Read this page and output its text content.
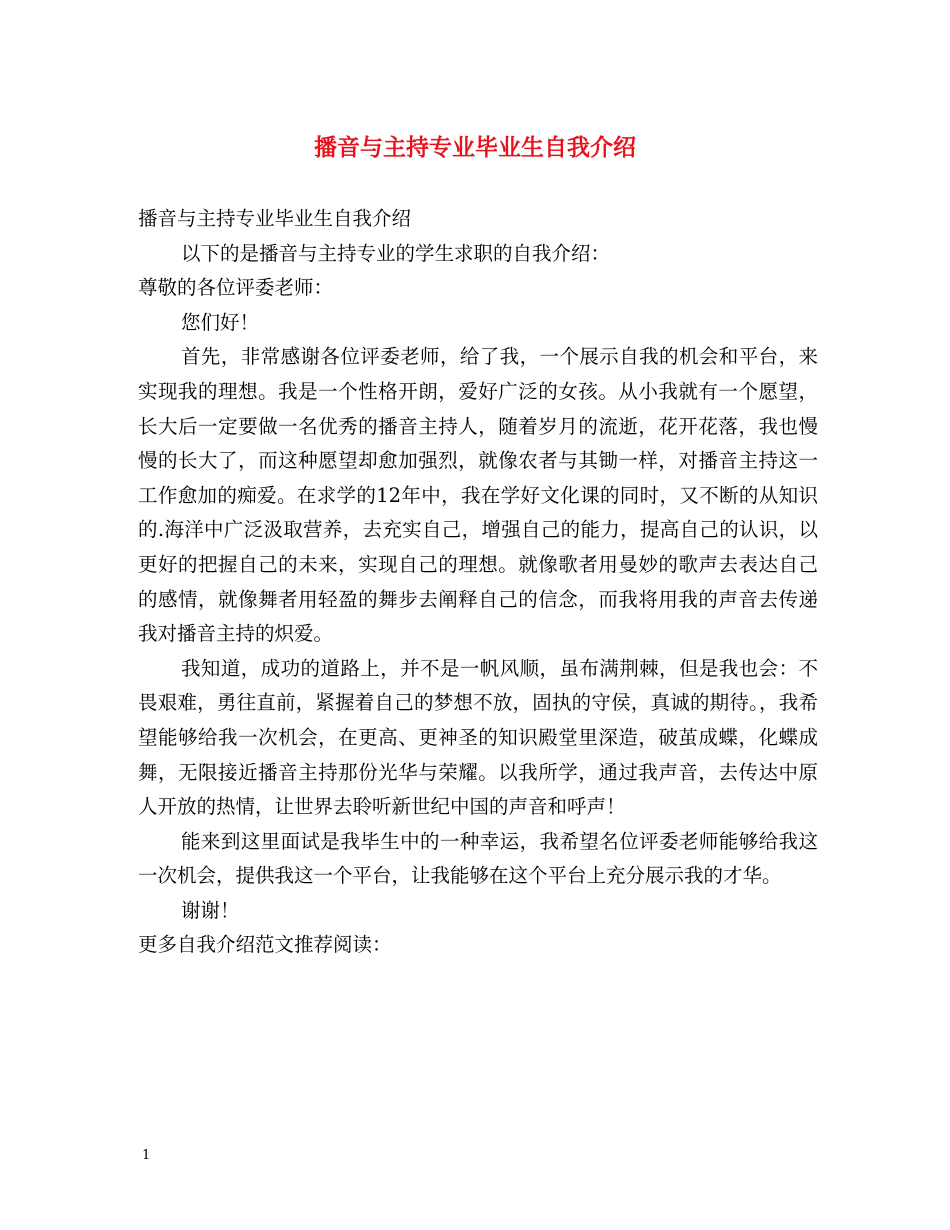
播音与主持专业毕业生自我介绍

播音与主持专业毕业生自我介绍

以下的是播音与主持专业的学生求职的自我介绍：

尊敬的各位评委老师：

您们好！

首先，非常感谢各位评委老师，给了我，一个展示自我的机会和平台，来实现我的理想。我是一个性格开朗，爱好广泛的女孩。从小我就有一个愿望，长大后一定要做一名优秀的播音主持人，随着岁月的流逝，花开花落，我也慢慢的长大了，而这种愿望却愈加强烈，就像农者与其锄一样，对播音主持这一工作愈加的痴爱。在求学的12年中，我在学好文化课的同时，又不断的从知识的.海洋中广泛汲取营养，去充实自己，增强自己的能力，提高自己的认识，以更好的把握自己的未来，实现自己的理想。就像歌者用曼妙的歌声去表达自己的感情，就像舞者用轻盈的舞步去阐释自己的信念，而我将用我的声音去传递我对播音主持的炽爱。

我知道，成功的道路上，并不是一帆风顺，虽布满荆棘，但是我也会：不畏艰难，勇往直前，紧握着自己的梦想不放，固执的守侯，真诚的期待。，我希望能够给我一次机会，在更高、更神圣的知识殿堂里深造，破茧成蝶，化蝶成舞，无限接近播音主持那份光华与荣耀。以我所学，通过我声音，去传达中原人开放的热情，让世界去聆听新世纪中国的声音和呼声！

能来到这里面试是我毕生中的一种幸运，我希望名位评委老师能够给我这一次机会，提供我这一个平台，让我能够在这个平台上充分展示我的才华。

谢谢！

更多自我介绍范文推荐阅读：

1
